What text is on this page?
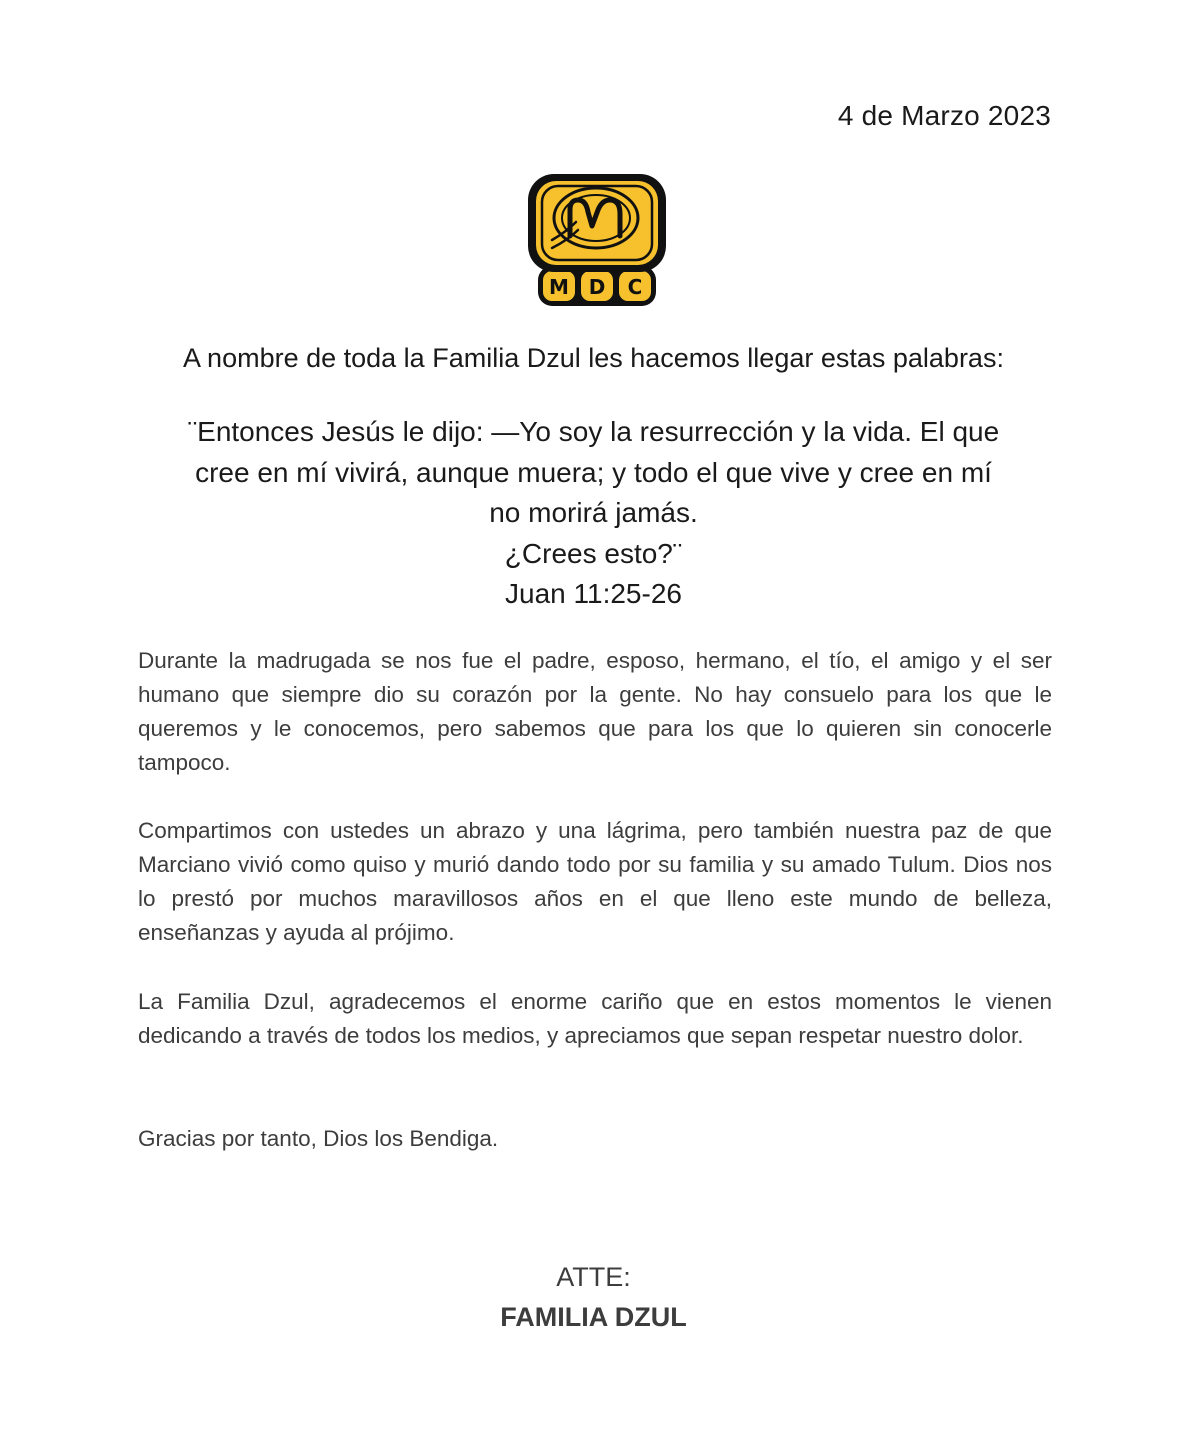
4 de Marzo 2023
M D C
A nombre de toda la Familia Dzul les hacemos llegar estas palabras:
¨Entonces Jesús le dijo: —Yo soy la resurrección y la vida. El que
cree en mí vivirá, aunque muera; y todo el que vive y cree en mí
no morirá jamás.
¿Crees esto?¨
Juan 11:25-26
Durante la madrugada se nos fue el padre, esposo, hermano, el tío, el amigo y el ser humano que siempre dio su corazón por la gente. No hay consuelo para los que le queremos y le conocemos, pero sabemos que para los que lo quieren sin conocerle tampoco.
Compartimos con ustedes un abrazo y una lágrima, pero también nuestra paz de que Marciano vivió como quiso y murió dando todo por su familia y su amado Tulum. Dios nos lo prestó por muchos maravillosos años en el que lleno este mundo de belleza, enseñanzas y ayuda al prójimo.
La Familia Dzul, agradecemos el enorme cariño que en estos momentos le vienen dedicando a través de todos los medios, y apreciamos que sepan respetar nuestro dolor.
Gracias por tanto, Dios los Bendiga.
ATTE:
FAMILIA DZUL
